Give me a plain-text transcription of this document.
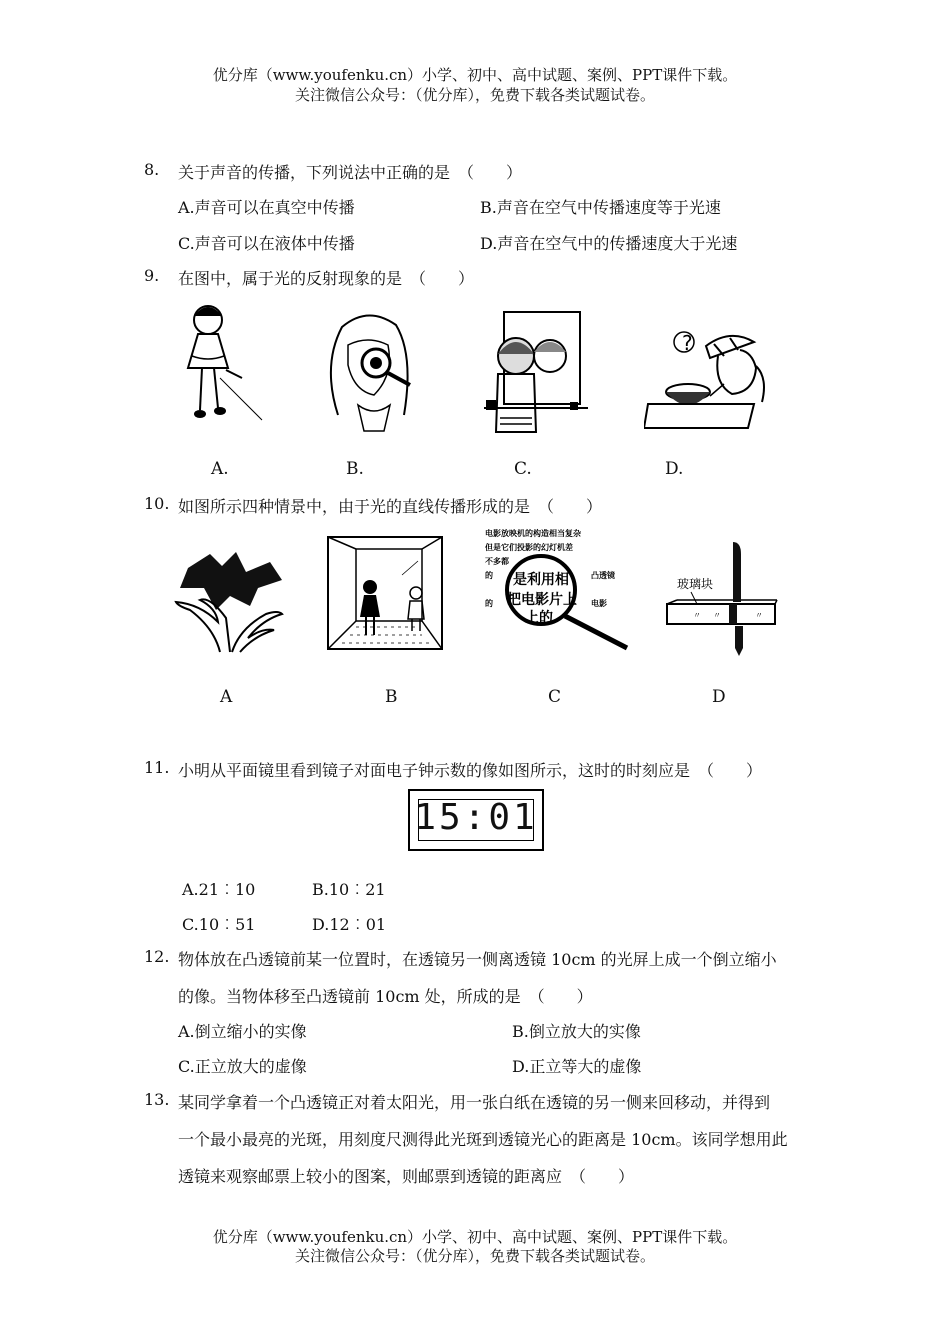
优分库（www.youfenku.cn）小学、初中、高中试题、案例、PPT课件下载。
关注微信公众号：（优分库），免费下载各类试题试卷。
8. 关于声音的传播，下列说法中正确的是　（　　）
A.声音可以在真空中传播	B.声音在空气中传播速度等于光速
C.声音可以在液体中传播	D.声音在空气中的传播速度大于光速
9. 在图中，属于光的反射现象的是　（　　）
?
A.	B.	C.	D.
10. 如图所示四种情景中，由于光的直线传播形成的是　（　　）
电影放映机的构造相当复杂
但是它们投影的幻灯机差
不多都
的	凸透镜
的	电影
是利用相
把电影片上
上的
玻璃块
〃 〃	〃
A	B	C	D
11. 小明从平面镜里看到镜子对面电子钟示数的像如图所示，这时的时刻应是　（　　）
15:01
A.21︰10	B.10︰21
C.10︰51	D.12︰01
12. 物体放在凸透镜前某一位置时，在透镜另一侧离透镜 10cm 的光屏上成一个倒立缩小
的像。当物体移至凸透镜前 10cm 处，所成的是　（　　）
A.倒立缩小的实像	B.倒立放大的实像
C.正立放大的虚像	D.正立等大的虚像
13. 某同学拿着一个凸透镜正对着太阳光，用一张白纸在透镜的另一侧来回移动，并得到
一个最小最亮的光斑，用刻度尺测得此光斑到透镜光心的距离是 10cm。该同学想用此
透镜来观察邮票上较小的图案，则邮票到透镜的距离应　（　　）
优分库（www.youfenku.cn）小学、初中、高中试题、案例、PPT课件下载。
关注微信公众号：（优分库），免费下载各类试题试卷。
